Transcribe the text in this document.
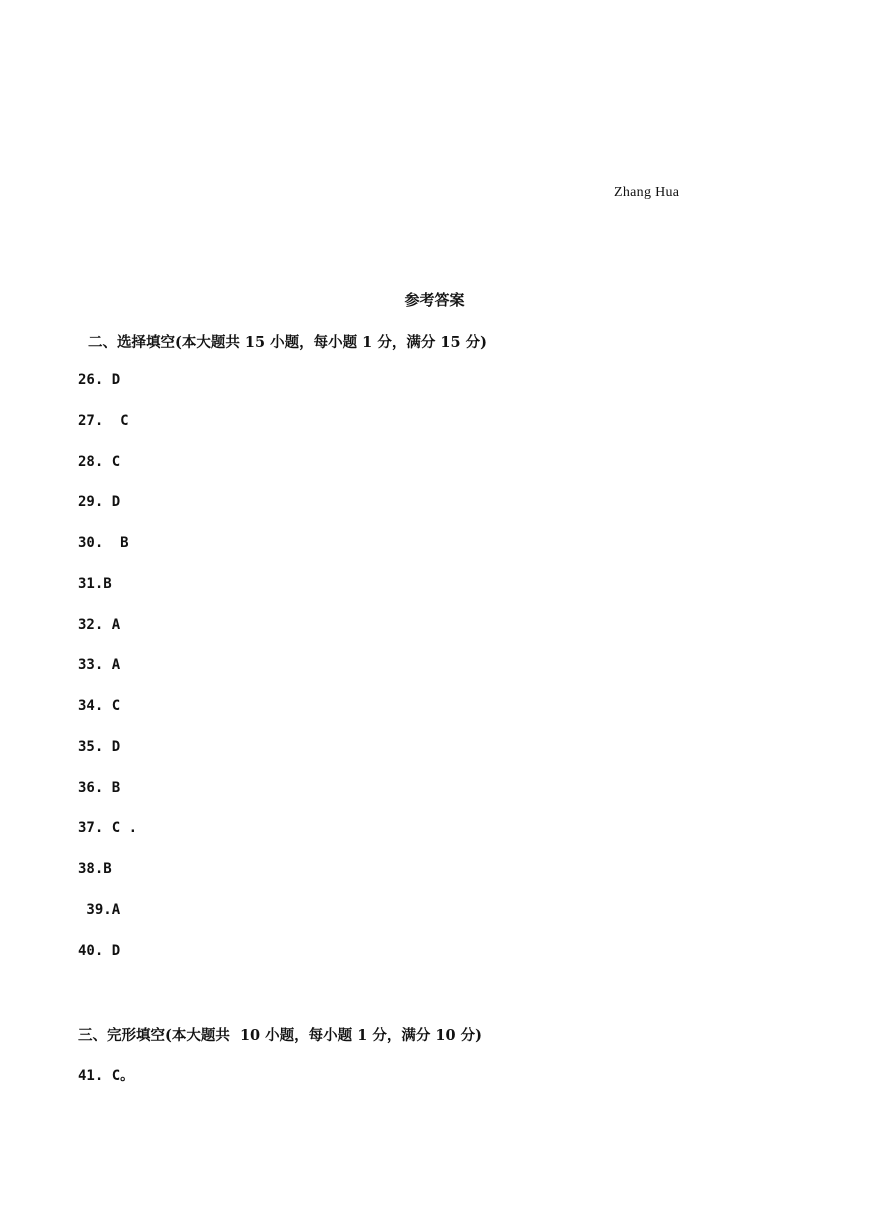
Zhang Hua
参考答案
二、选择填空(本大题共 15 小题，每小题 1 分，满分 15 分)
26. D
27.  C
28. C
29. D
30.  B
31.B
32. A
33. A
34. C
35. D
36. B
37. C .
38.B
39.A
40. D
三、完形填空(本大题共  10 小题，每小题 1 分，满分 10 分)
41. C。
